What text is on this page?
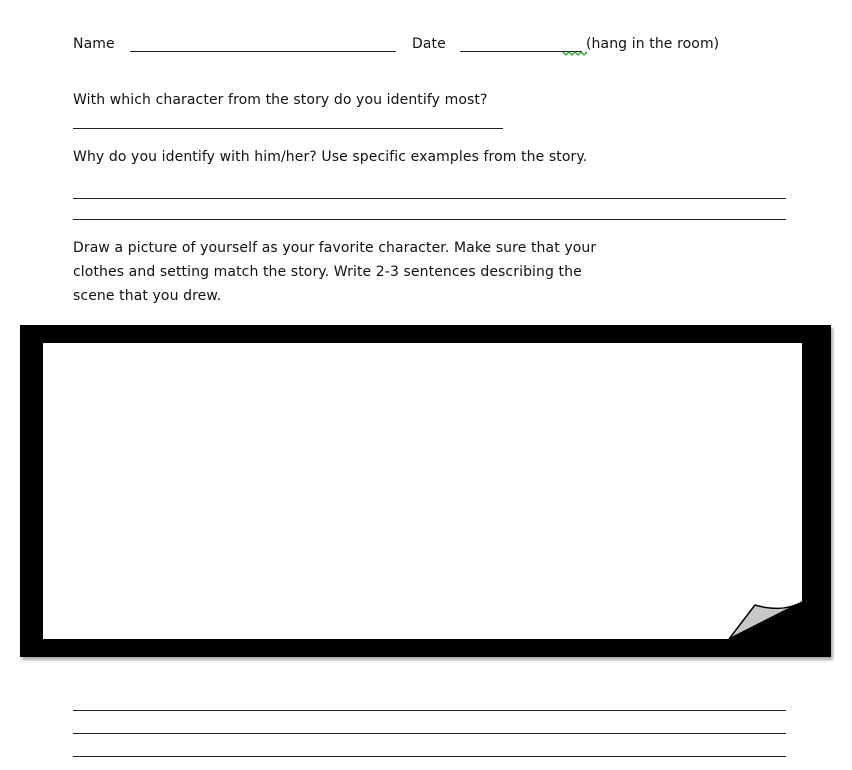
Name	Date	(hang in the room)
With which character from the story do you identify most?
Why do you identify with him/her? Use specific examples from the story.
Draw a picture of yourself as your favorite character. Make sure that your
clothes and setting match the story. Write 2-3 sentences describing the
scene that you drew.
